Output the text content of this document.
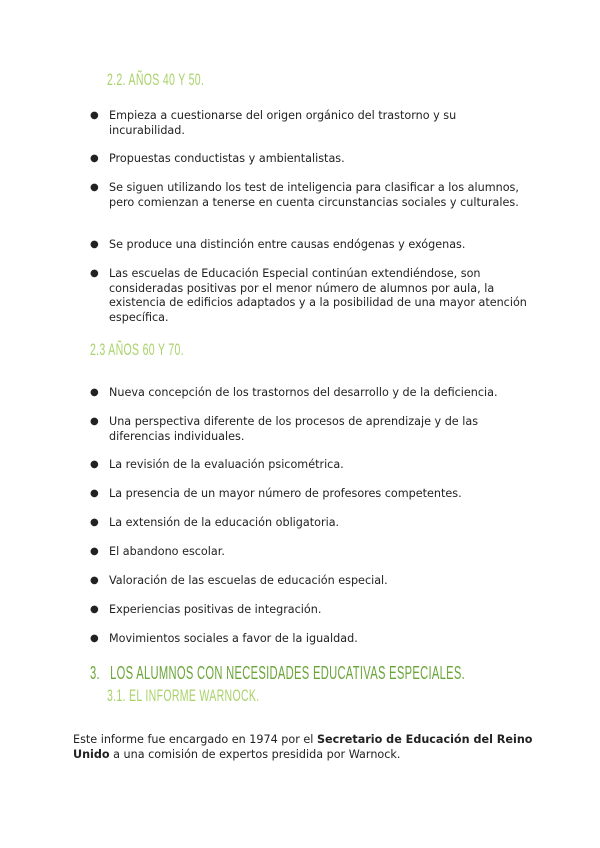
2.2. AÑOS 40 Y 50.
● Empieza a cuestionarse del origen orgánico del trastorno y su incurabilidad.
● Propuestas conductistas y ambientalistas.
● Se siguen utilizando los test de inteligencia para clasificar a los alumnos, pero comienzan a tenerse en cuenta circunstancias sociales y culturales.
● Se produce una distinción entre causas endógenas y exógenas.
● Las escuelas de Educación Especial continúan extendiéndose, son consideradas positivas por el menor número de alumnos por aula, la existencia de edificios adaptados y a la posibilidad de una mayor atención específica.
2.3 AÑOS 60 Y 70.
● Nueva concepción de los trastornos del desarrollo y de la deficiencia.
● Una perspectiva diferente de los procesos de aprendizaje y de las diferencias individuales.
● La revisión de la evaluación psicométrica.
● La presencia de un mayor número de profesores competentes.
● La extensión de la educación obligatoria.
● El abandono escolar.
● Valoración de las escuelas de educación especial.
● Experiencias positivas de integración.
● Movimientos sociales a favor de la igualdad.
3.   LOS ALUMNOS CON NECESIDADES EDUCATIVAS ESPECIALES.
3.1. EL INFORME WARNOCK.

Este informe fue encargado en 1974 por el Secretario de Educación del Reino Unido a una comisión de expertos presidida por Warnock.
